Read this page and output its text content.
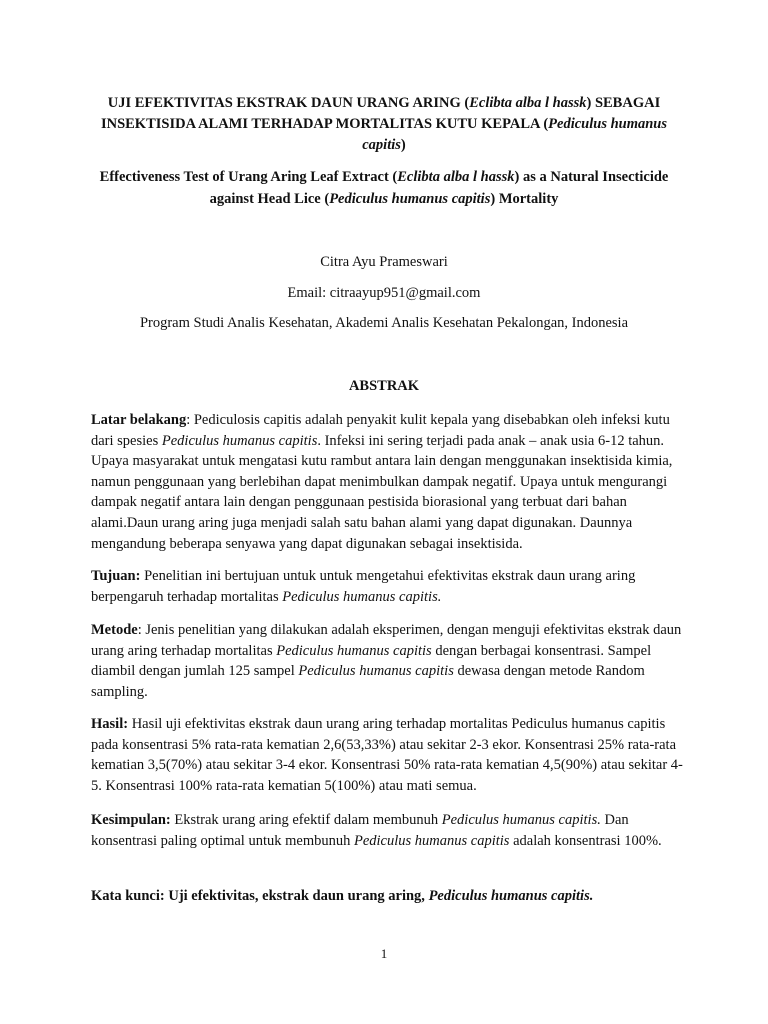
UJI EFEKTIVITAS EKSTRAK DAUN URANG ARING (Eclibta alba l hassk) SEBAGAI INSEKTISIDA ALAMI TERHADAP MORTALITAS KUTU KEPALA (Pediculus humanus capitis)
Effectiveness Test of Urang Aring Leaf Extract (Eclibta alba l hassk) as a Natural Insecticide against Head Lice (Pediculus humanus capitis) Mortality
Citra Ayu Prameswari
Email: citraayup951@gmail.com
Program Studi Analis Kesehatan, Akademi Analis Kesehatan Pekalongan, Indonesia
ABSTRAK
Latar belakang: Pediculosis capitis adalah penyakit kulit kepala yang disebabkan oleh infeksi kutu dari spesies Pediculus humanus capitis. Infeksi ini sering terjadi pada anak – anak usia 6-12 tahun. Upaya masyarakat untuk mengatasi kutu rambut antara lain dengan menggunakan insektisida kimia, namun penggunaan yang berlebihan dapat menimbulkan dampak negatif. Upaya untuk mengurangi dampak negatif antara lain dengan penggunaan pestisida biorasional yang terbuat dari bahan alami.Daun urang aring juga menjadi salah satu bahan alami yang dapat digunakan. Daunnya mengandung beberapa senyawa yang dapat digunakan sebagai insektisida.
Tujuan: Penelitian ini bertujuan untuk untuk mengetahui efektivitas ekstrak daun urang aring berpengaruh terhadap mortalitas Pediculus humanus capitis.
Metode: Jenis penelitian yang dilakukan adalah eksperimen, dengan menguji efektivitas ekstrak daun urang aring terhadap mortalitas Pediculus humanus capitis dengan berbagai konsentrasi. Sampel diambil dengan jumlah 125 sampel Pediculus humanus capitis dewasa dengan metode Random sampling.
Hasil: Hasil uji efektivitas ekstrak daun urang aring terhadap mortalitas Pediculus humanus capitis pada konsentrasi 5% rata-rata kematian 2,6(53,33%) atau sekitar 2-3 ekor. Konsentrasi 25% rata-rata kematian 3,5(70%) atau sekitar 3-4 ekor. Konsentrasi 50% rata-rata kematian 4,5(90%) atau sekitar 4-5. Konsentrasi 100% rata-rata kematian 5(100%) atau mati semua.
Kesimpulan: Ekstrak urang aring efektif dalam membunuh Pediculus humanus capitis. Dan konsentrasi paling optimal untuk membunuh Pediculus humanus capitis adalah konsentrasi 100%.
Kata kunci: Uji efektivitas, ekstrak daun urang aring, Pediculus humanus capitis.
1
